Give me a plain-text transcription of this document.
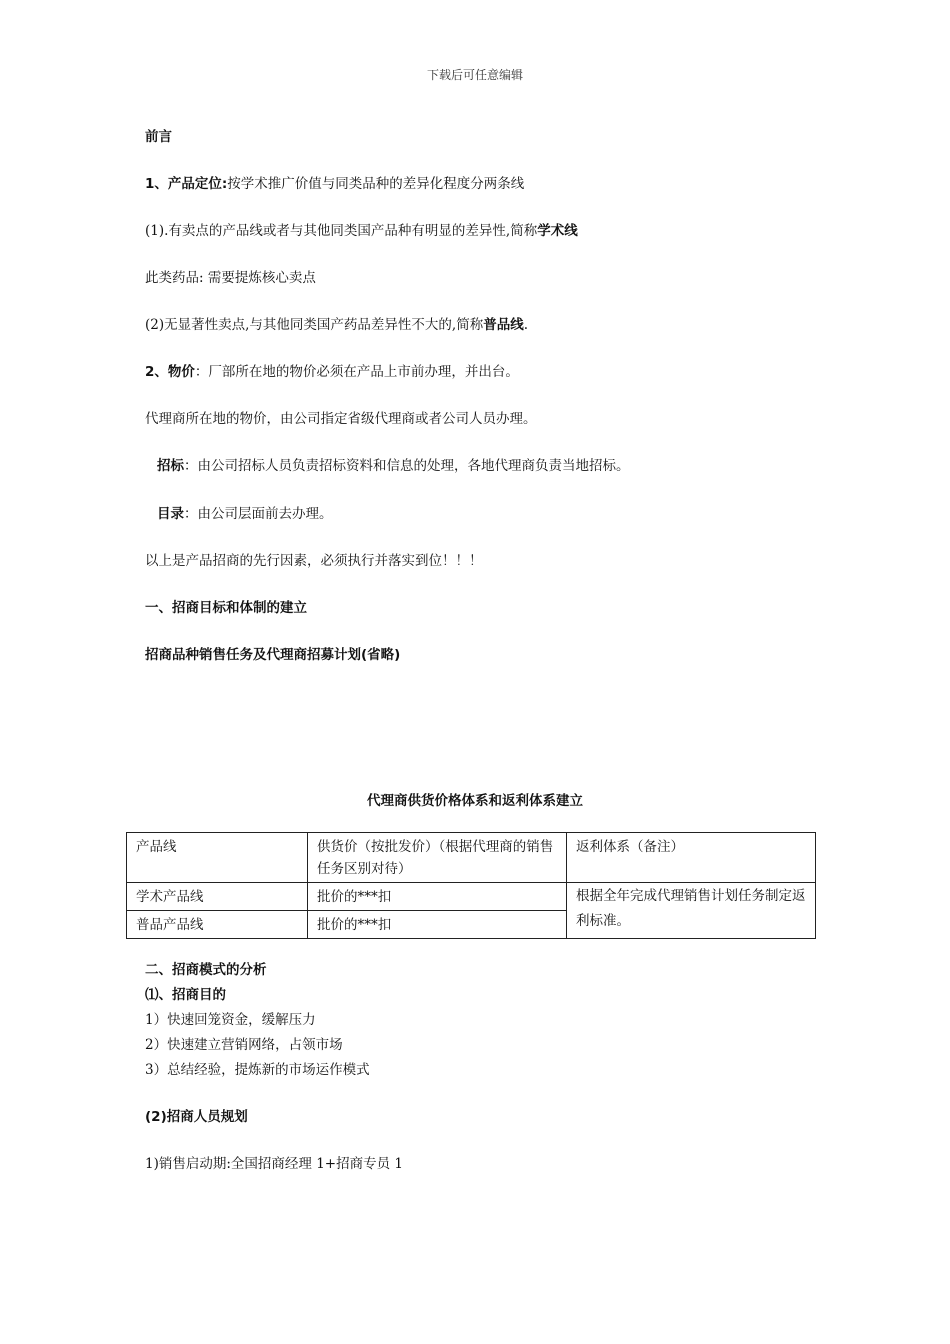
下载后可任意编辑
前言
1、产品定位:按学术推广价值与同类品种的差异化程度分两条线
(1).有卖点的产品线或者与其他同类国产品种有明显的差异性,简称学术线
此类药品: 需要提炼核心卖点
(2)无显著性卖点,与其他同类国产药品差异性不大的,简称普品线.
2、物价：厂部所在地的物价必须在产品上市前办理，并出台。
代理商所在地的物价，由公司指定省级代理商或者公司人员办理。
招标：由公司招标人员负责招标资料和信息的处理，各地代理商负责当地招标。
目录：由公司层面前去办理。
以上是产品招商的先行因素，必须执行并落实到位！！！
一、招商目标和体制的建立
招商品种销售任务及代理商招募计划(省略)
代理商供货价格体系和返利体系建立
产品线	供货价（按批发价）（根据代理商的销售任务区别对待）	返利体系（备注）
学术产品线	批价的***扣	根据全年完成代理销售计划任务制定返利标准。
普品产品线	批价的***扣	
二、招商模式的分析
⑴、招商目的
1）快速回笼资金，缓解压力
2）快速建立营销网络，占领市场
3）总结经验，提炼新的市场运作模式
(2)招商人员规划
1)销售启动期:全国招商经理 1+招商专员 1
